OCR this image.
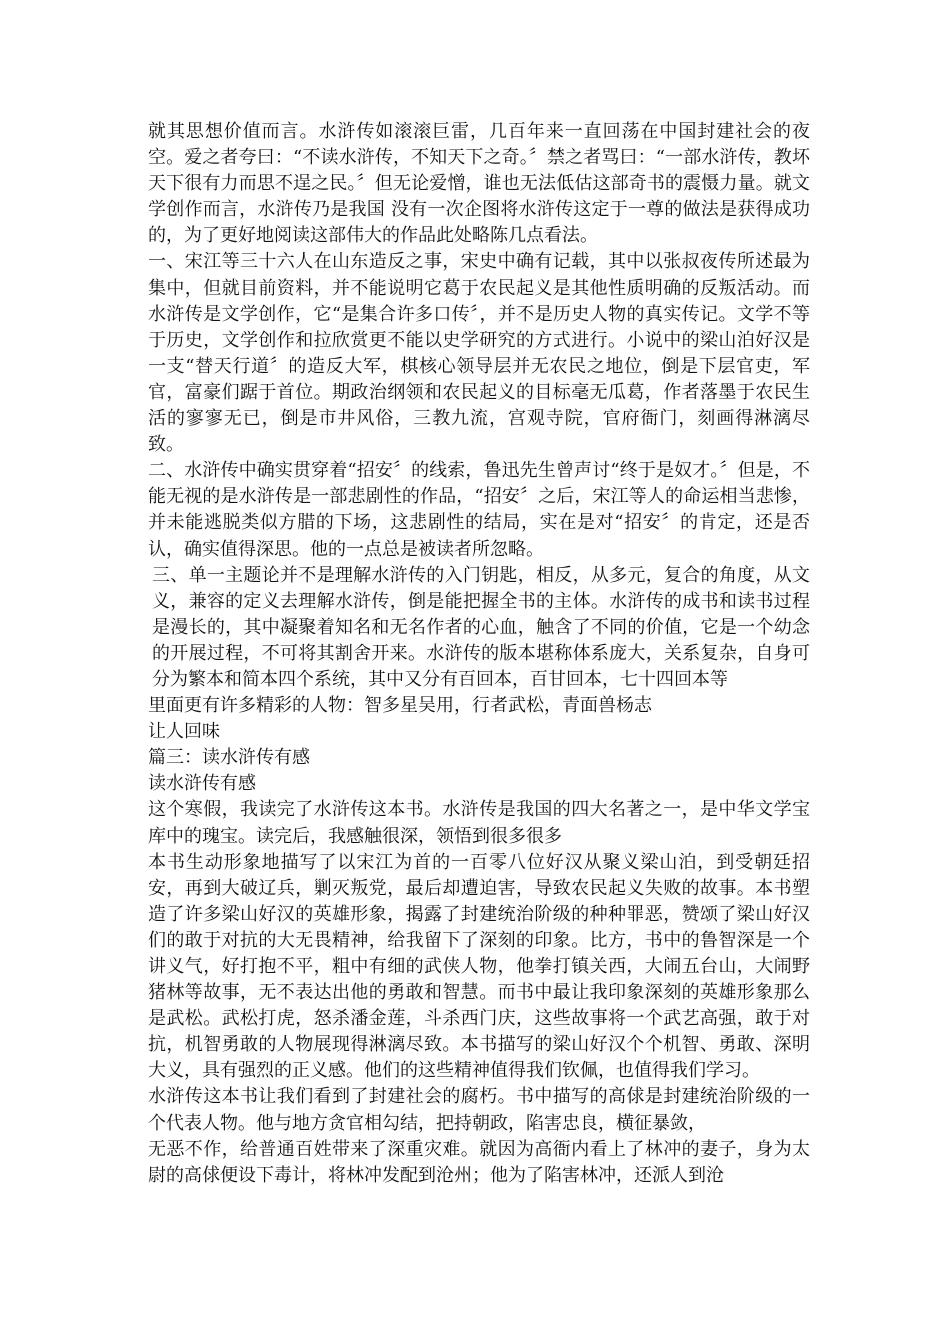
就其思想价值而言。水浒传如滚滚巨雷，几百年来一直回荡在中国封建社会的夜空。爱之者夸曰：“不读水浒传，不知天下之奇。〞禁之者骂曰：“一部水浒传，教坏天下很有力而思不逞之民。〞但无论爱憎，谁也无法低估这部奇书的震慑力量。就文学创作而言，水浒传乃是我国 没有一次企图将水浒传这定于一尊的做法是获得成功的，为了更好地阅读这部伟大的作品此处略陈几点看法。

一、宋江等三十六人在山东造反之事，宋史中确有记载，其中以张叔夜传所述最为集中，但就目前资料，并不能说明它葛于农民起义是其他性质明确的反叛活动。而水浒传是文学创作，它“是集合许多口传〞，并不是历史人物的真实传记。文学不等于历史，文学创作和拉欣赏更不能以史学研究的方式进行。小说中的梁山泊好汉是一支“替天行道〞的造反大军，棋核心领导层并无农民之地位，倒是下层官吏，军官，富豪们踞于首位。期政治纲领和农民起义的目标毫无瓜葛，作者落墨于农民生活的寥寥无已，倒是市井风俗，三教九流，宫观寺院，官府衙门，刻画得淋漓尽致。

二、水浒传中确实贯穿着“招安〞的线索，鲁迅先生曾声讨“终于是奴才。〞但是，不能无视的是水浒传是一部悲剧性的作品，“招安〞之后，宋江等人的命运相当悲惨，并未能逃脱类似方腊的下场，这悲剧性的结局，实在是对“招安〞的肯定，还是否认，确实值得深思。他的一点总是被读者所忽略。

三、单一主题论并不是理解水浒传的入门钥匙，相反，从多元，复合的角度，从文义，兼容的定义去理解水浒传，倒是能把握全书的主体。水浒传的成书和读书过程是漫长的，其中凝聚着知名和无名作者的心血，触含了不同的价值，它是一个幼念的开展过程，不可将其割舍开来。水浒传的版本堪称体系庞大，关系复杂，自身可分为繁本和简本四个系统，其中又分有百回本，百甘回本，七十四回本等

里面更有许多精彩的人物：智多星吴用，行者武松，青面兽杨志

让人回味

篇三：读水浒传有感

读水浒传有感

这个寒假，我读完了水浒传这本书。水浒传是我国的四大名著之一，是中华文学宝库中的瑰宝。读完后，我感触很深，领悟到很多很多

本书生动形象地描写了以宋江为首的一百零八位好汉从聚义梁山泊，到受朝廷招安，再到大破辽兵，剿灭叛党，最后却遭迫害，导致农民起义失败的故事。本书塑造了许多梁山好汉的英雄形象，揭露了封建统治阶级的种种罪恶，赞颂了梁山好汉们的敢于对抗的大无畏精神，给我留下了深刻的印象。比方，书中的鲁智深是一个讲义气，好打抱不平，粗中有细的武侠人物，他拳打镇关西，大闹五台山，大闹野猪林等故事，无不表达出他的勇敢和智慧。而书中最让我印象深刻的英雄形象那么是武松。武松打虎，怒杀潘金莲，斗杀西门庆，这些故事将一个武艺高强，敢于对抗，机智勇敢的人物展现得淋漓尽致。本书描写的梁山好汉个个机智、勇敢、深明大义，具有强烈的正义感。他们的这些精神值得我们钦佩，也值得我们学习。

水浒传这本书让我们看到了封建社会的腐朽。书中描写的高俅是封建统治阶级的一个代表人物。他与地方贪官相勾结，把持朝政，陷害忠良，横征暴敛，

无恶不作，给普通百姓带来了深重灾难。就因为高衙内看上了林冲的妻子，身为太尉的高俅便设下毒计，将林冲发配到沧州；他为了陷害林冲，还派人到沧
